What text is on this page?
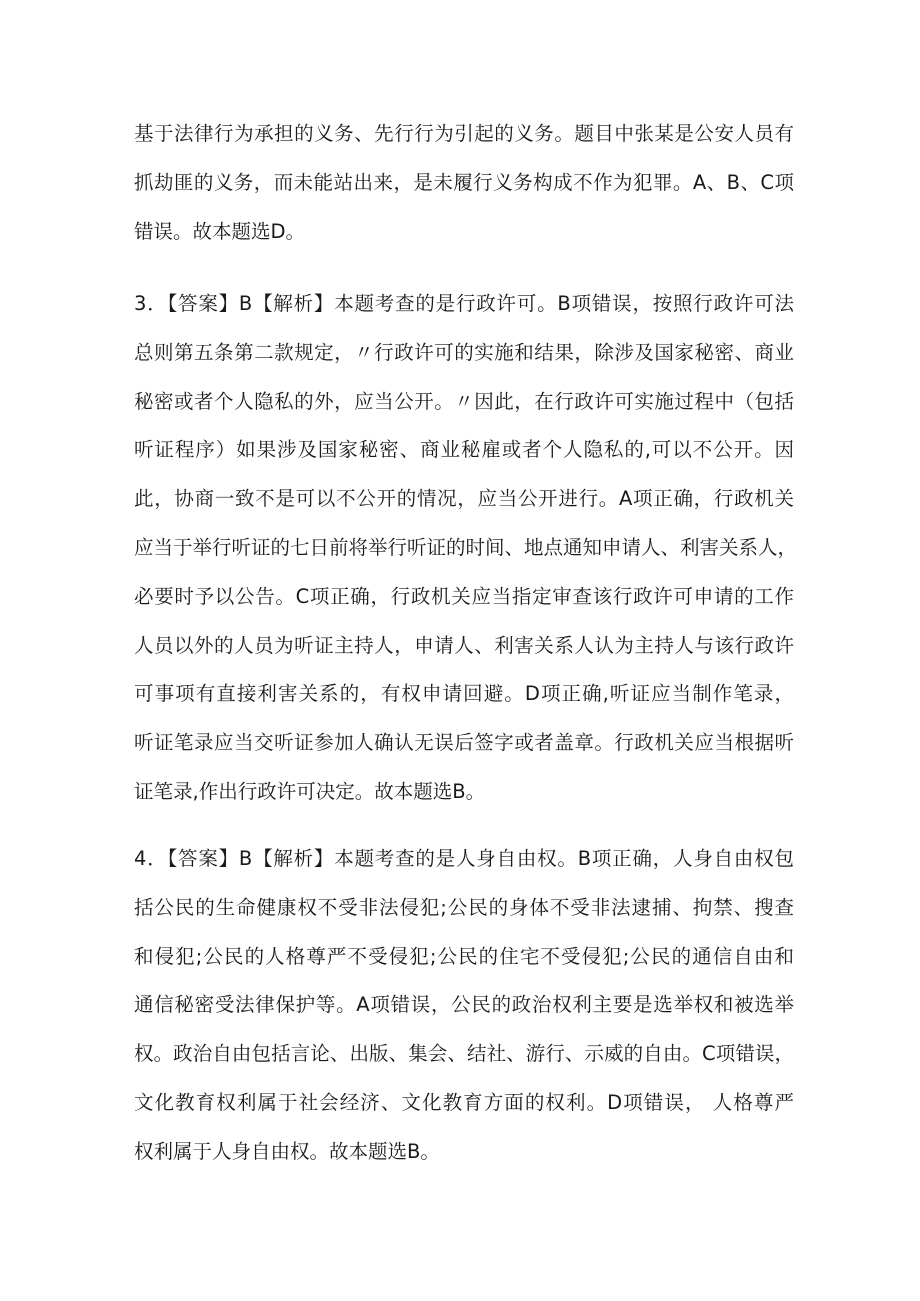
基于法律行为承担的义务、先行行为引起的义务。题目中张某是公安人员有
抓劫匪的义务，而未能站出来，是未履行义务构成不作为犯罪。A、B、C项
错误。故本题选D。
3．【答案】B【解析】本题考查的是行政许可。B项错误，按照行政许可法
总则第五条第二款规定，〃行政许可的实施和结果，除涉及国家秘密、商业
秘密或者个人隐私的外，应当公开。〃因此，在行政许可实施过程中（包括
听证程序）如果涉及国家秘密、商业秘雇或者个人隐私的,可以不公开。因
此，协商一致不是可以不公开的情况，应当公开进行。A项正确，行政机关
应当于举行听证的七日前将举行听证的时间、地点通知申请人、利害关系人，
必要时予以公告。C项正确，行政机关应当指定审查该行政许可申请的工作
人员以外的人员为听证主持人，申请人、利害关系人认为主持人与该行政许
可事项有直接利害关系的，有权申请回避。D项正确,听证应当制作笔录，
听证笔录应当交听证参加人确认无误后签字或者盖章。行政机关应当根据听
证笔录,作出行政许可决定。故本题选B。
4．【答案】B【解析】本题考查的是人身自由权。B项正确，人身自由权包
括公民的生命健康权不受非法侵犯;公民的身体不受非法逮捕、拘禁、搜查
和侵犯;公民的人格尊严不受侵犯;公民的住宅不受侵犯;公民的通信自由和
通信秘密受法律保护等。A项错误，公民的政治权利主要是选举权和被选举
权。政治自由包括言论、出版、集会、结社、游行、示威的自由。C项错误，
文化教育权利属于社会经济、文化教育方面的权利。D项错误， 人格尊严
权利属于人身自由权。故本题选B。
